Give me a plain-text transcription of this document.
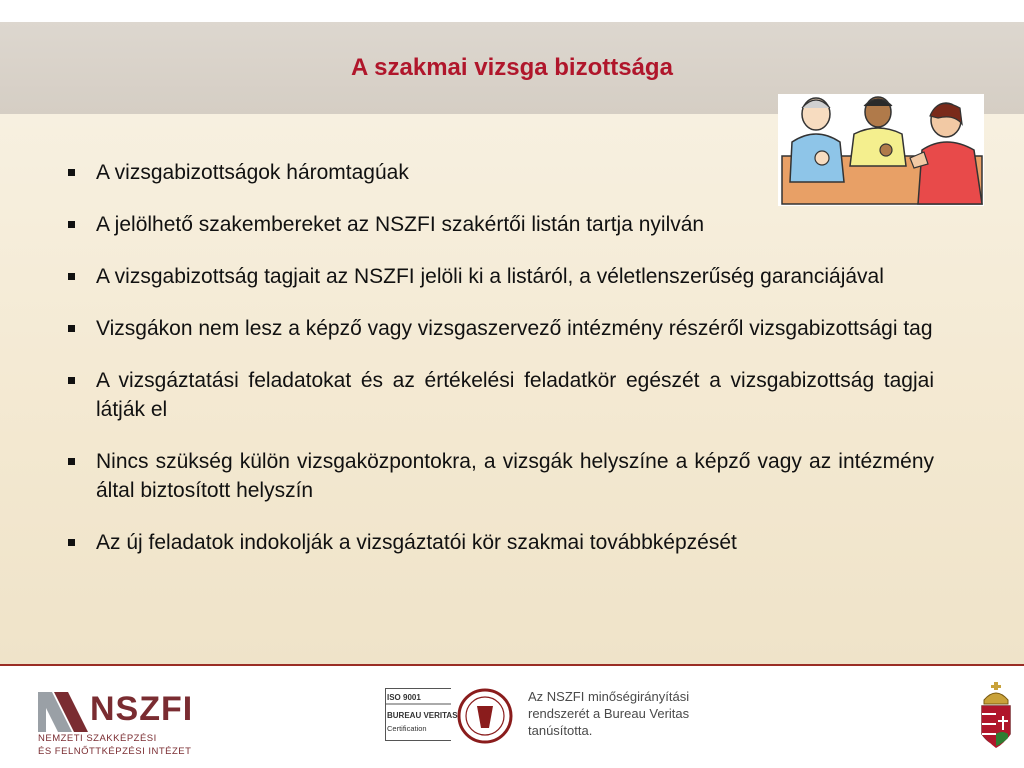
A szakmai vizsga bizottsága
A vizsgabizottságok háromtagúak
A jelölhető szakembereket az NSZFI szakértői listán tartja nyilván
A vizsgabizottság tagjait az NSZFI jelöli ki a listáról, a véletlenszerűség garanciájával
Vizsgákon nem lesz a képző vagy vizsgaszervező intézmény részéről vizsgabizottsági tag
A vizsgáztatási feladatokat és az értékelési feladatkör egészét a vizsgabizottság tagjai látják el
Nincs szükség külön vizsgaközpontokra, a vizsgák helyszíne a képző vagy az intézmény által biztosított helyszín
Az új feladatok indokolják a vizsgáztatói kör szakmai továbbképzését
NSZFI
NEMZETI SZAKKÉPZÉSI
ÉS FELNŐTTKÉPZÉSI INTÉZET
ISO 9001
BUREAU VERITAS
Certification
Az NSZFI minőségirányítási
rendszerét a Bureau Veritas
tanúsította.
